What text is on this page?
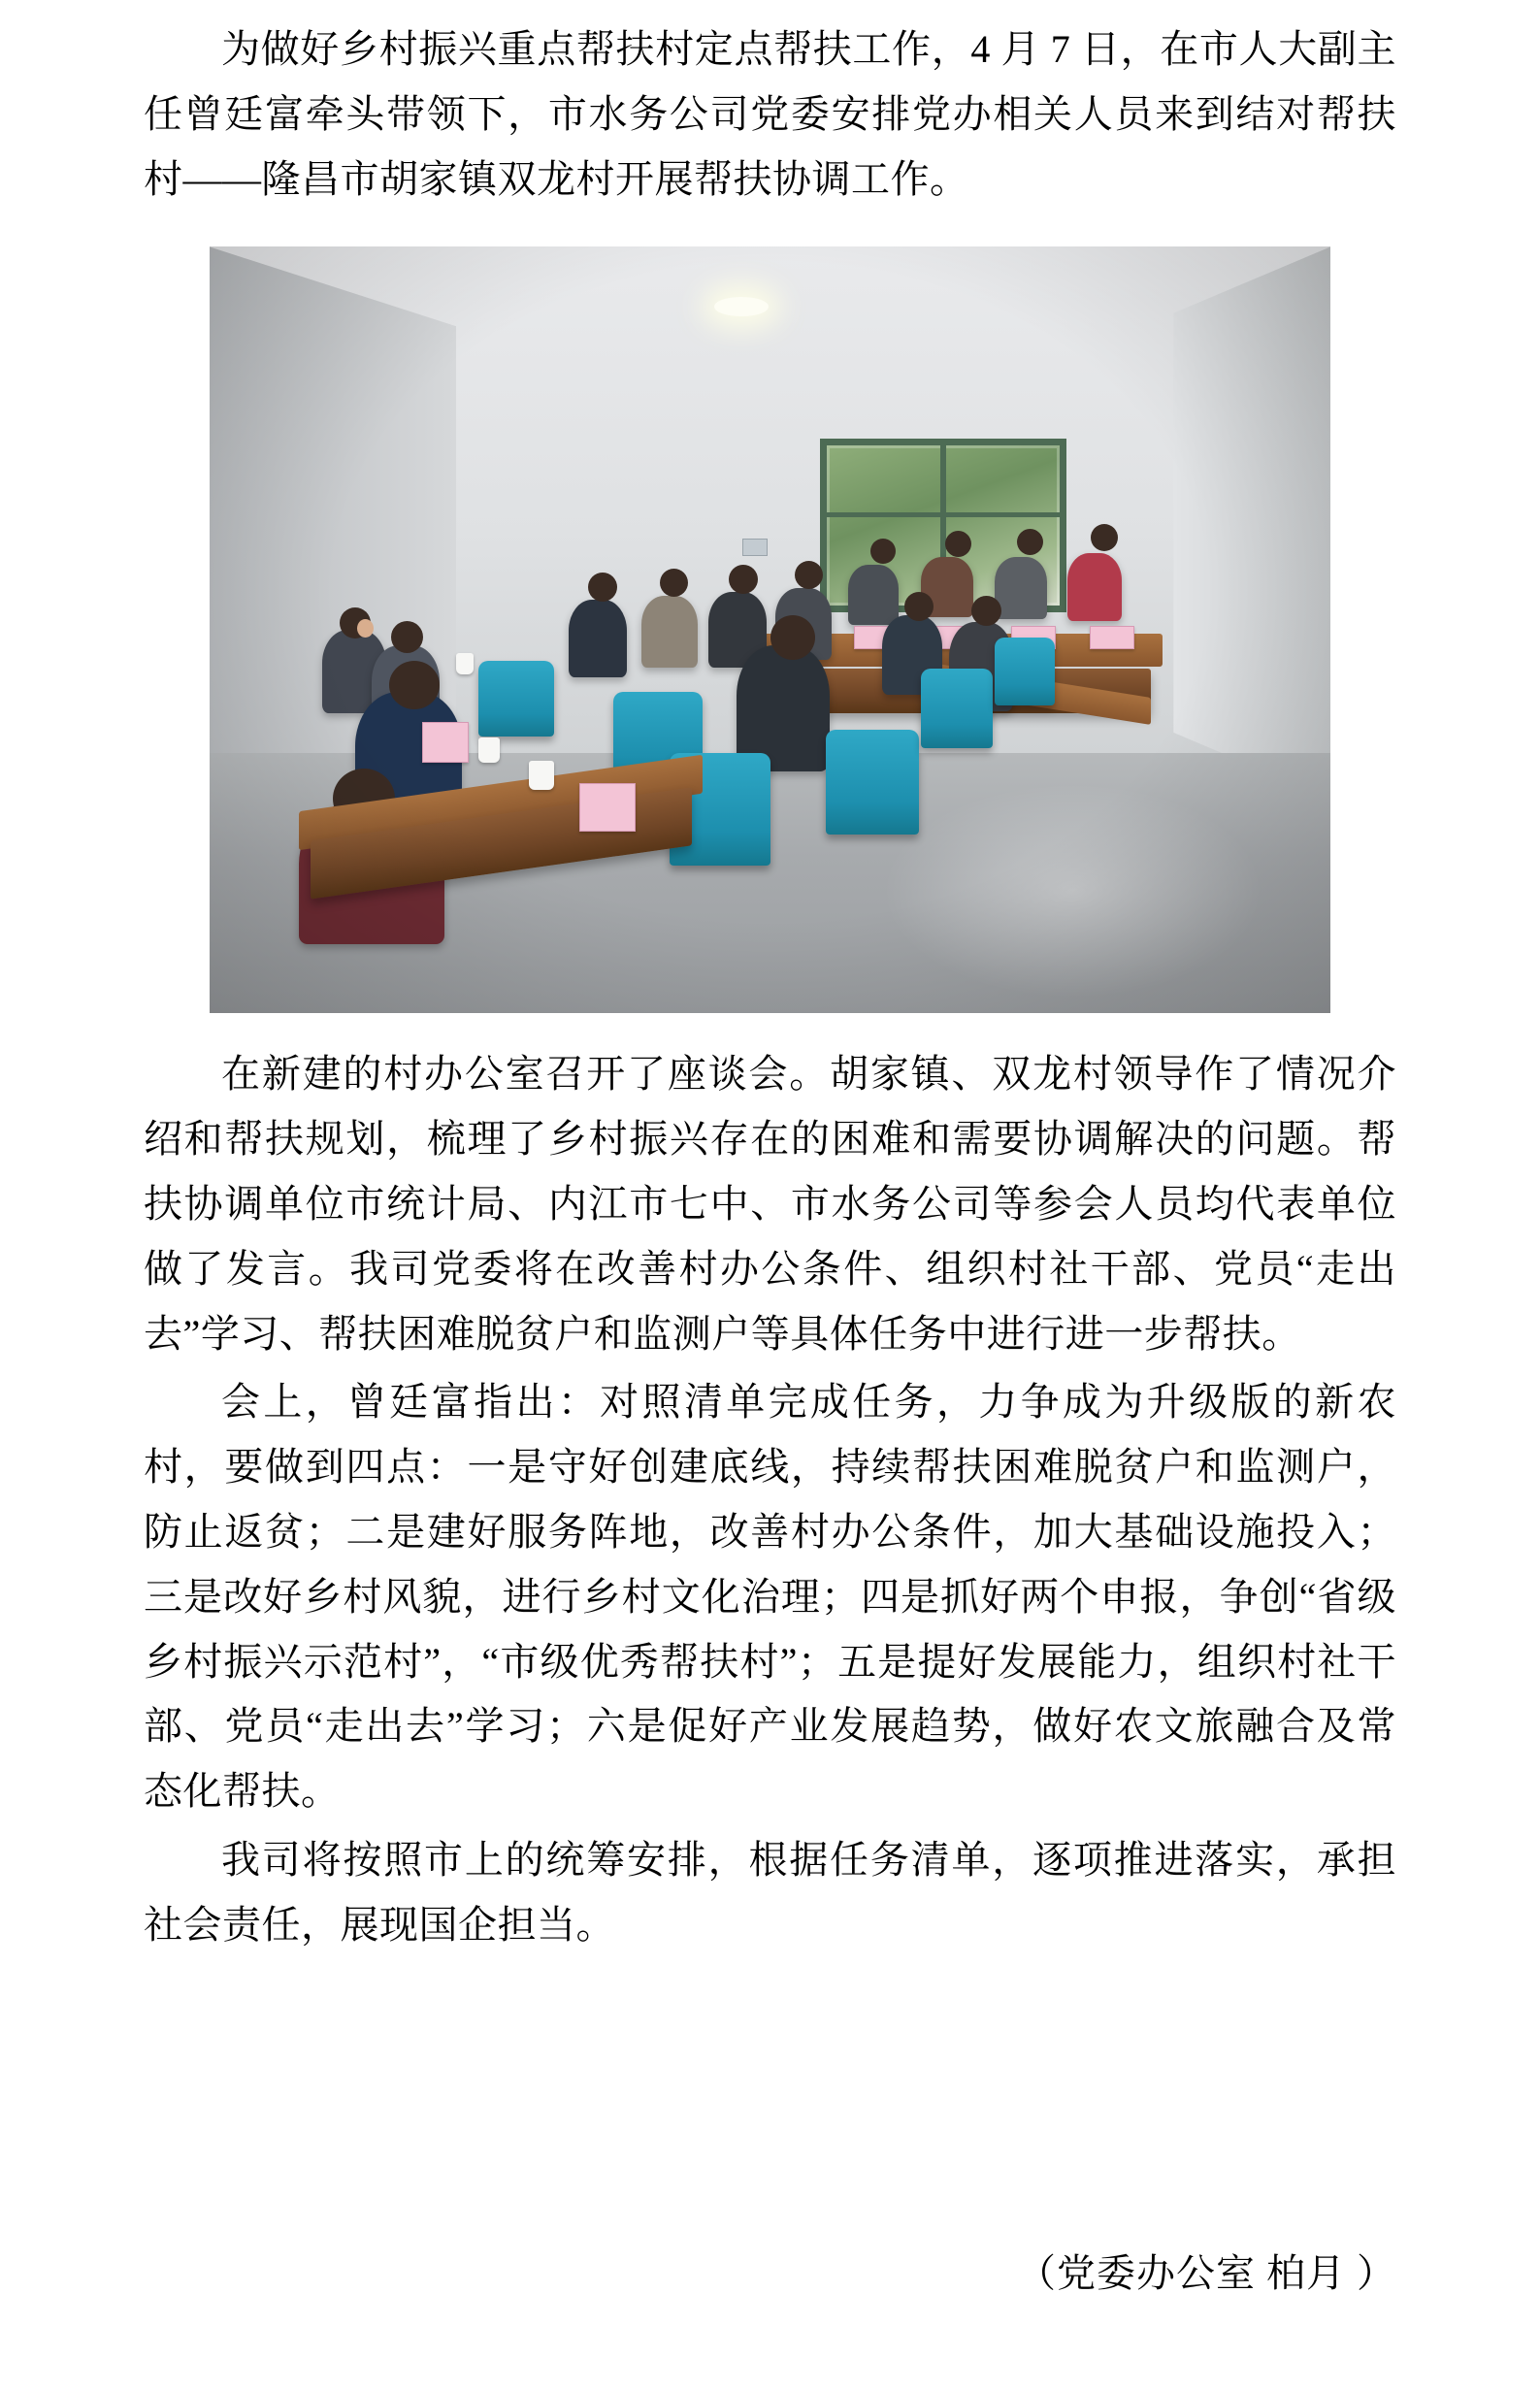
为做好乡村振兴重点帮扶村定点帮扶工作，4 月 7 日，在市人大副主任曾廷富牵头带领下，市水务公司党委安排党办相关人员来到结对帮扶村——隆昌市胡家镇双龙村开展帮扶协调工作。

在新建的村办公室召开了座谈会。胡家镇、双龙村领导作了情况介绍和帮扶规划，梳理了乡村振兴存在的困难和需要协调解决的问题。帮扶协调单位市统计局、内江市七中、市水务公司等参会人员均代表单位做了发言。我司党委将在改善村办公条件、组织村社干部、党员“走出去”学习、帮扶困难脱贫户和监测户等具体任务中进行进一步帮扶。

会上，曾廷富指出：对照清单完成任务，力争成为升级版的新农村，要做到四点：一是守好创建底线，持续帮扶困难脱贫户和监测户，防止返贫；二是建好服务阵地，改善村办公条件，加大基础设施投入；三是改好乡村风貌，进行乡村文化治理；四是抓好两个申报，争创“省级乡村振兴示范村”，“市级优秀帮扶村”；五是提好发展能力，组织村社干部、党员“走出去”学习；六是促好产业发展趋势，做好农文旅融合及常态化帮扶。

我司将按照市上的统筹安排，根据任务清单，逐项推进落实，承担社会责任，展现国企担当。

（党委办公室 柏月 ）
